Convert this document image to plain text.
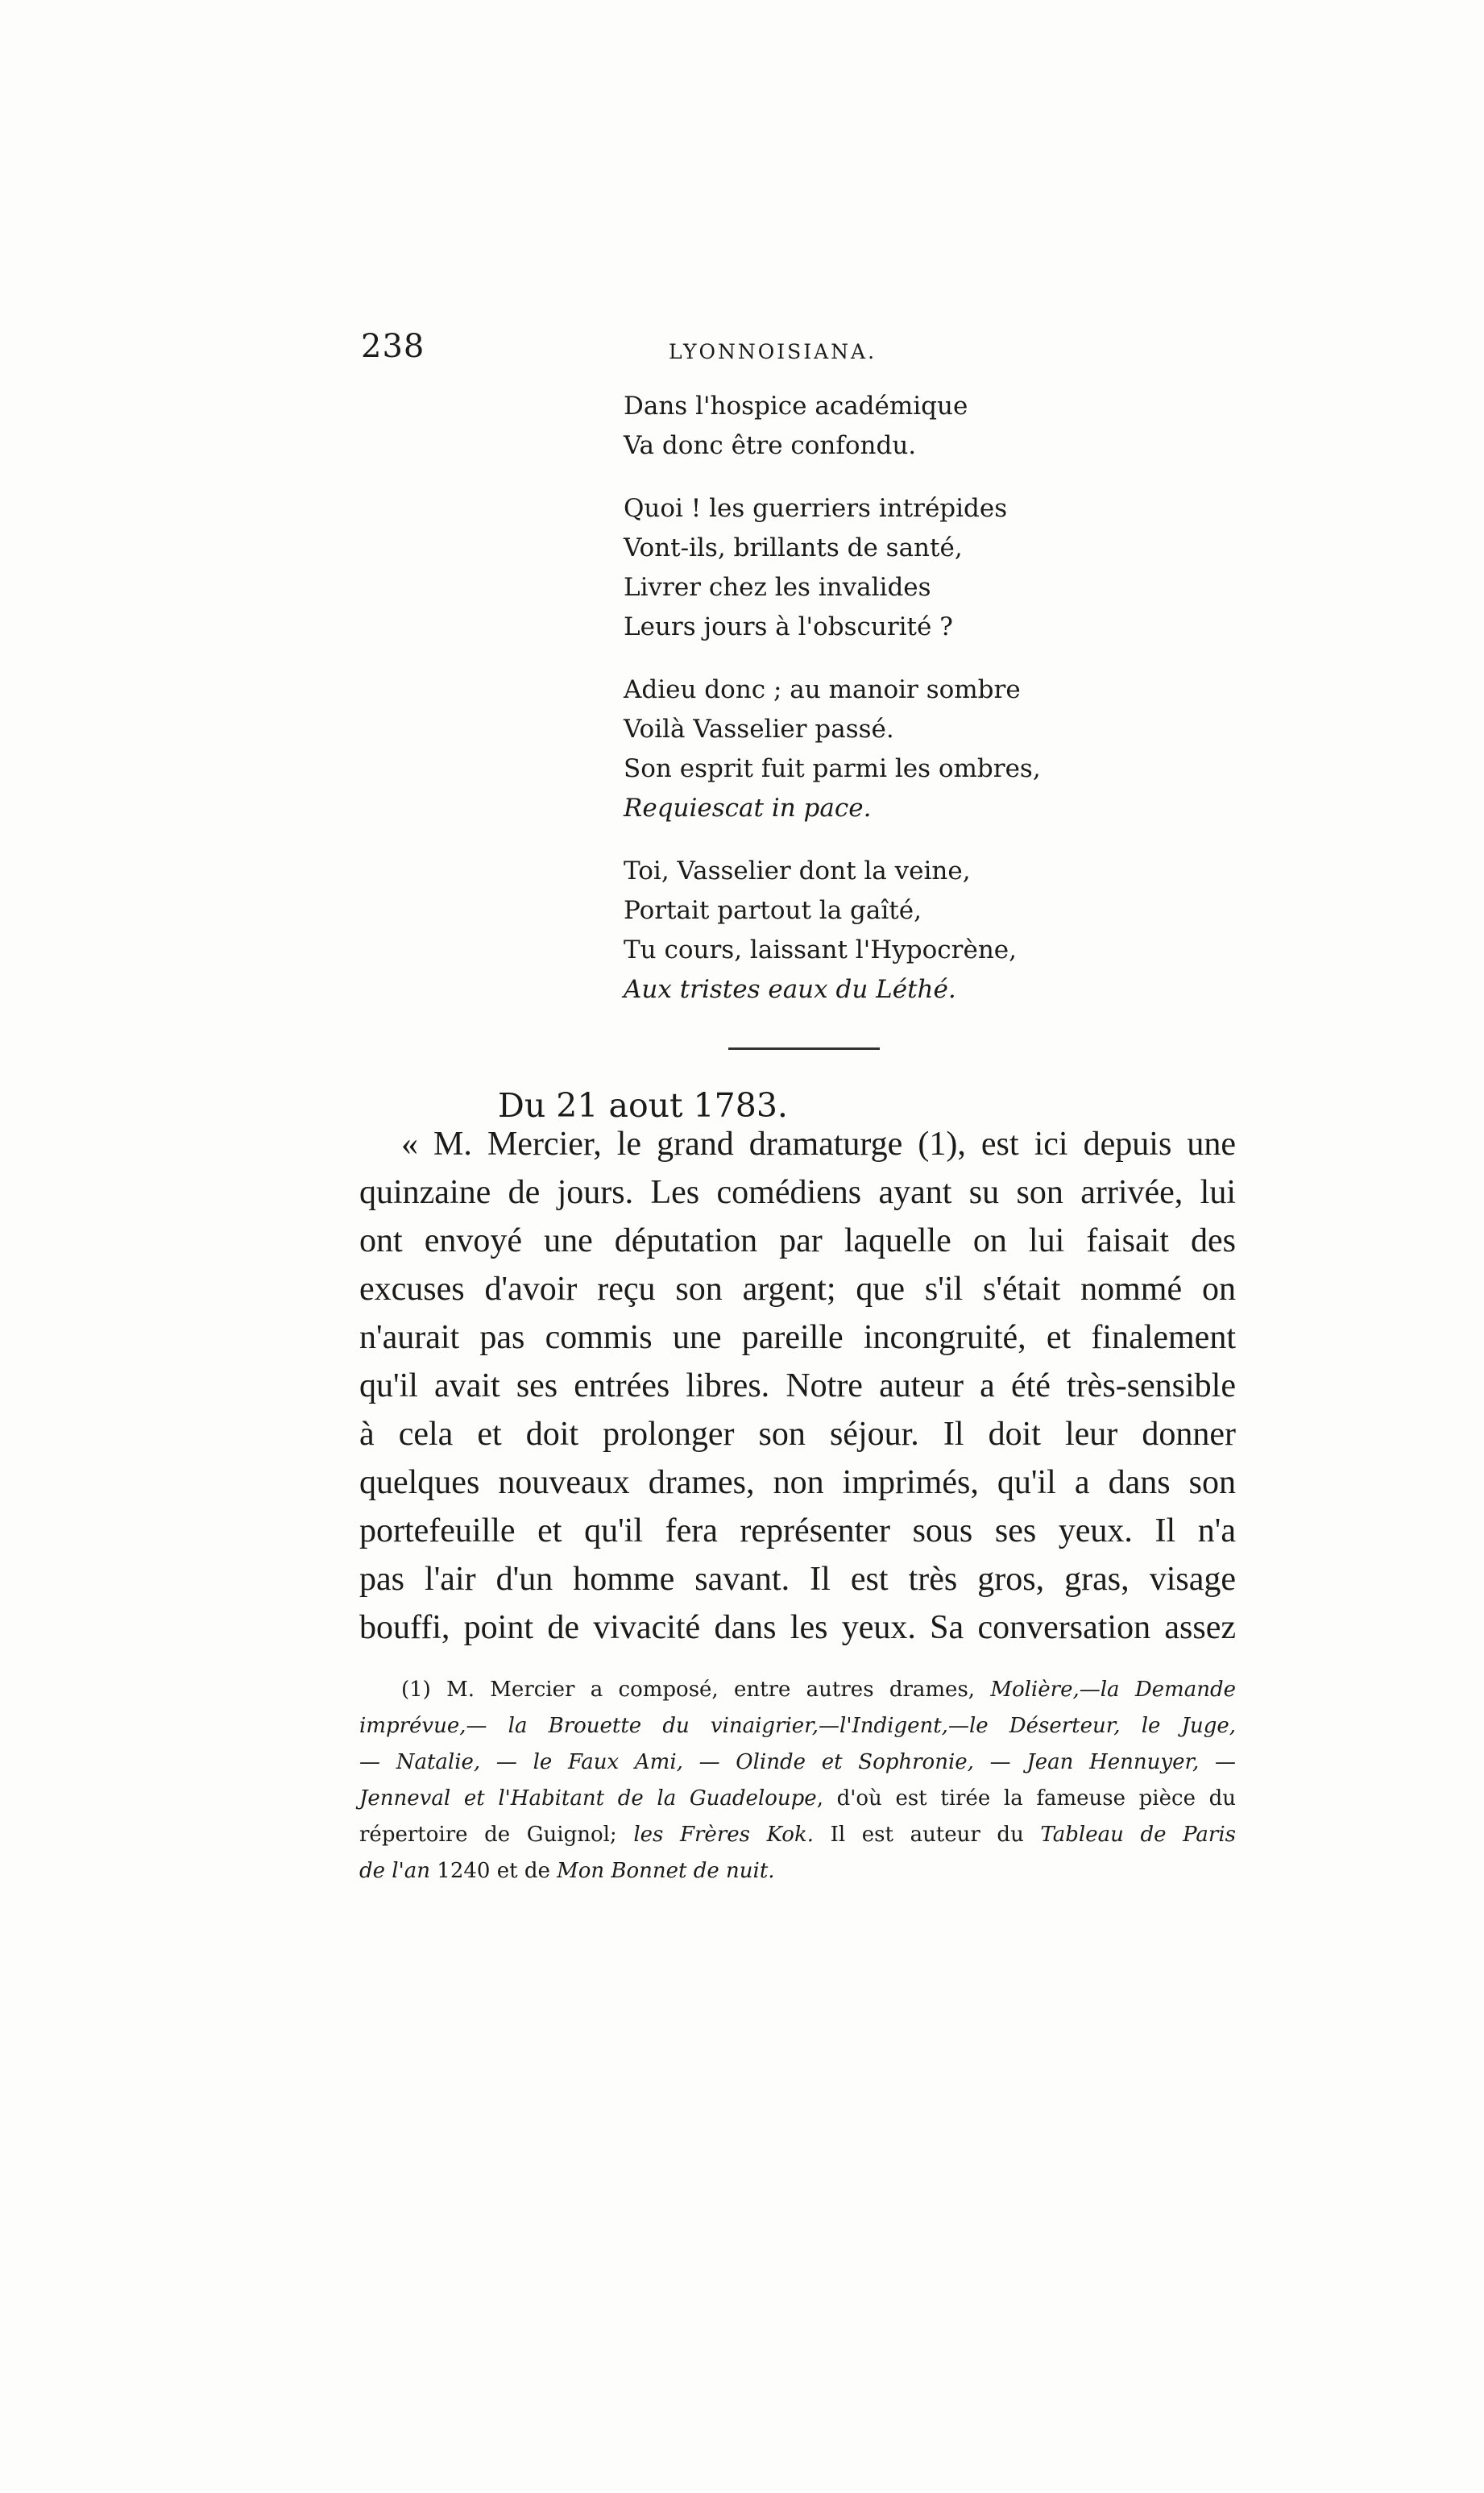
238	LYONNOISIANA.
Dans l'hospice académique
Va donc être confondu.
Quoi ! les guerriers intrépides
Vont-ils, brillants de santé,
Livrer chez les invalides
Leurs jours à l'obscurité ?
Adieu donc ; au manoir sombre
Voilà Vasselier passé.
Son esprit fuit parmi les ombres,
Requiescat in pace.
Toi, Vasselier dont la veine,
Portait partout la gaîté,
Tu cours, laissant l'Hypocrène,
Aux tristes eaux du Léthé.
Du 21 aout 1783.
« M. Mercier, le grand dramaturge (1), est ici depuis une
quinzaine de jours. Les comédiens ayant su son arrivée, lui
ont envoyé une députation par laquelle on lui faisait des
excuses d'avoir reçu son argent; que s'il s'était nommé on
n'aurait pas commis une pareille incongruité, et finalement
qu'il avait ses entrées libres. Notre auteur a été très-sensible
à cela et doit prolonger son séjour. Il doit leur donner
quelques nouveaux drames, non imprimés, qu'il a dans son
portefeuille et qu'il fera représenter sous ses yeux. Il n'a
pas l'air d'un homme savant. Il est très gros, gras, visage
bouffi, point de vivacité dans les yeux. Sa conversation assez
(1) M. Mercier a composé, entre autres drames, Molière,—la Demande
imprévue,— la Brouette du vinaigrier,—l'Indigent,—le Déserteur, le Juge,
— Natalie, — le Faux Ami, — Olinde et Sophronie, — Jean Hennuyer, —
Jenneval et l'Habitant de la Guadeloupe, d'où est tirée la fameuse pièce du
répertoire de Guignol; les Frères Kok. Il est auteur du Tableau de Paris
de l'an 1240 et de Mon Bonnet de nuit.
